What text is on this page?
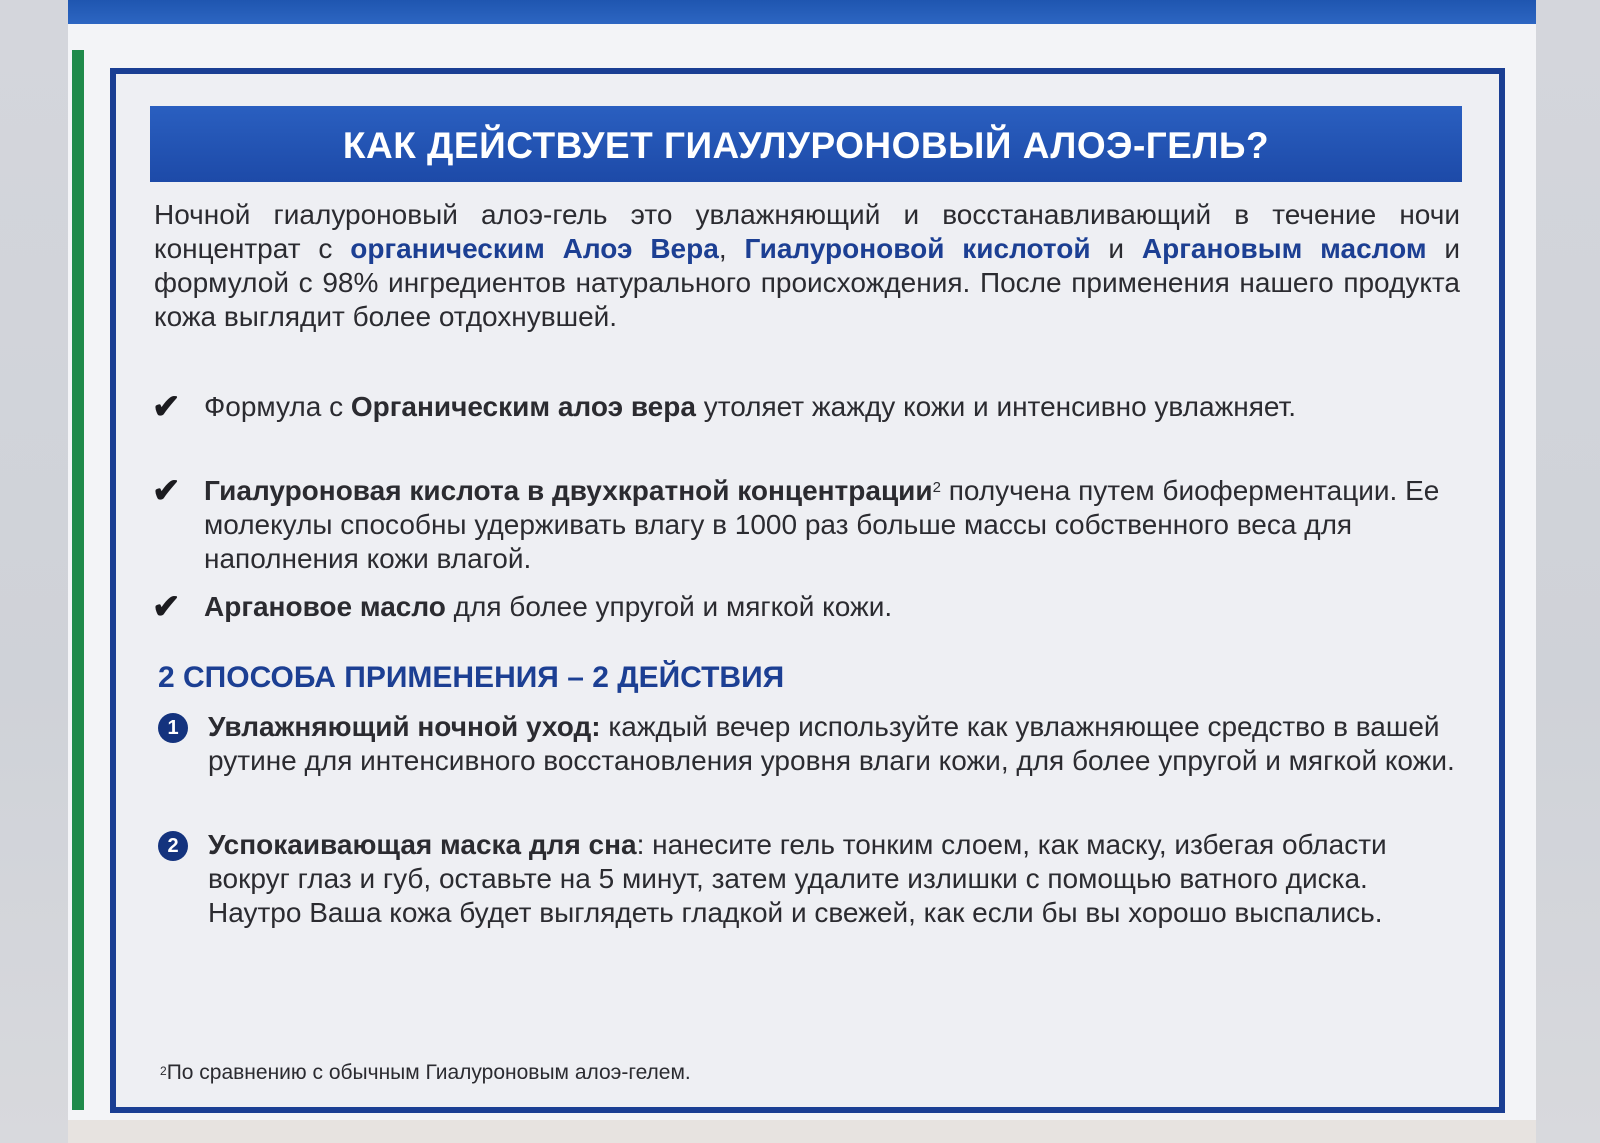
КАК ДЕЙСТВУЕТ ГИАУЛУРОНОВЫЙ АЛОЭ-ГЕЛЬ?
Ночной гиалуроновый алоэ-гель это увлажняющий и восстанавливающий в течение ночи концентрат с органическим Алоэ Вера, Гиалуроновой кислотой и Аргановым маслом и формулой с 98% ингредиентов натурального происхождения. После применения нашего продукта кожа выглядит более отдохнувшей.
✔ Формула с Органическим алоэ вера утоляет жажду кожи и интенсивно увлажняет.
✔ Гиалуроновая кислота в двухкратной концентрации$^2$ получена путем биоферментации. Ее молекулы способны удерживать влагу в 1000 раз больше массы собственного веса для наполнения кожи влагой.
✔ Аргановое масло для более упругой и мягкой кожи.
2 СПОСОБА ПРИМЕНЕНИЯ – 2 ДЕЙСТВИЯ
1	Увлажняющий ночной уход: каждый вечер используйте как увлажняющее средство в вашей рутине для интенсивного восстановления уровня влаги кожи, для более упругой и мягкой кожи.
2	Успокаивающая маска для сна: нанесите гель тонким слоем, как маску, избегая области вокруг глаз и губ, оставьте на 5 минут, затем удалите излишки с помощью ватного диска. Наутро Ваша кожа будет выглядеть гладкой и свежей, как если бы вы хорошо выспались.
$^2$По сравнению с обычным Гиалуроновым алоэ-гелем.
